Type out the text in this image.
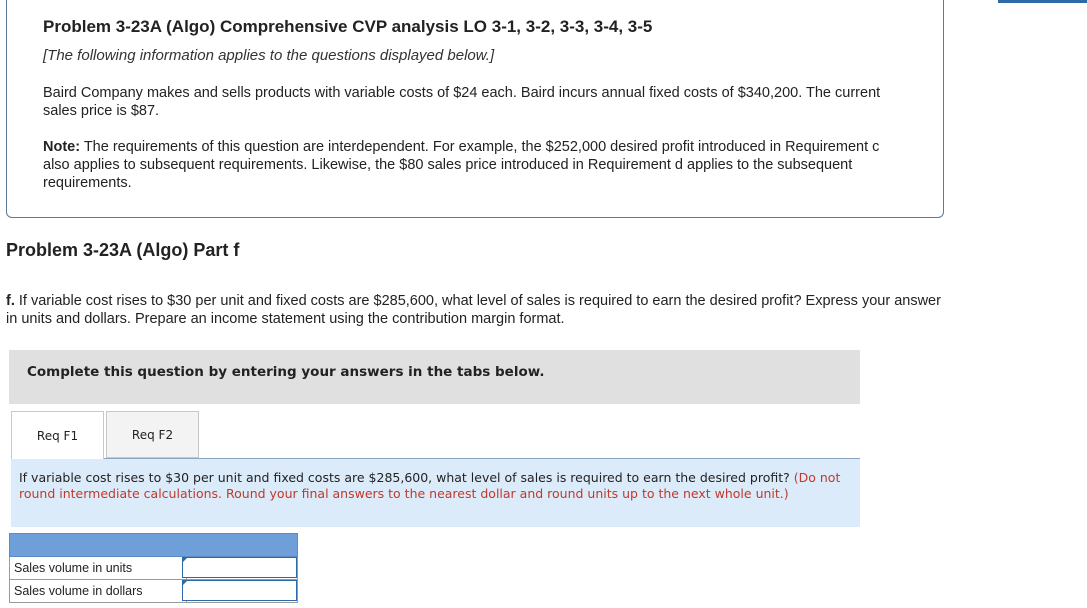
Problem 3-23A (Algo) Comprehensive CVP analysis LO 3-1, 3-2, 3-3, 3-4, 3-5
[The following information applies to the questions displayed below.]
Baird Company makes and sells products with variable costs of $24 each. Baird incurs annual fixed costs of $340,200. The current sales price is $87.
Note: The requirements of this question are interdependent. For example, the $252,000 desired profit introduced in Requirement c also applies to subsequent requirements. Likewise, the $80 sales price introduced in Requirement d applies to the subsequent requirements.
Problem 3-23A (Algo) Part f
f. If variable cost rises to $30 per unit and fixed costs are $285,600, what level of sales is required to earn the desired profit? Express your answer in units and dollars. Prepare an income statement using the contribution margin format.
Complete this question by entering your answers in the tabs below.
Req F1	Req F2
If variable cost rises to $30 per unit and fixed costs are $285,600, what level of sales is required to earn the desired profit? (Do not round intermediate calculations. Round your final answers to the nearest dollar and round units up to the next whole unit.)
Sales volume in units
Sales volume in dollars
